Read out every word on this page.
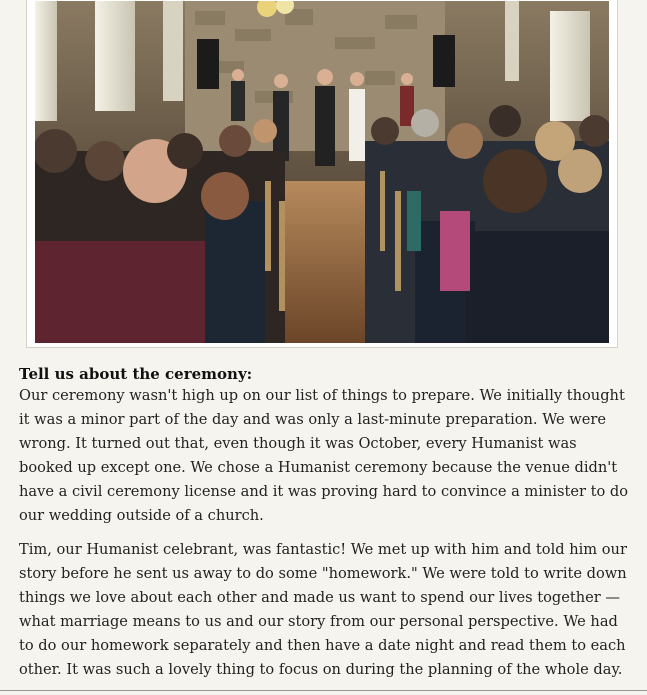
Tell us about the ceremony:

Our ceremony wasn't high up on our list of things to prepare. We initially thought it was a minor part of the day and was only a last-minute preparation. We were wrong. It turned out that, even though it was October, every Humanist was booked up except one. We chose a Humanist ceremony because the venue didn't have a civil ceremony license and it was proving hard to convince a minister to do our wedding outside of a church.

Tim, our Humanist celebrant, was fantastic! We met up with him and told him our story before he sent us away to do some "homework." We were told to write down things we love about each other and made us want to spend our lives together — what marriage means to us and our story from our personal perspective. We had to do our homework separately and then have a date night and read them to each other. It was such a lovely thing to focus on during the planning of the whole day.
